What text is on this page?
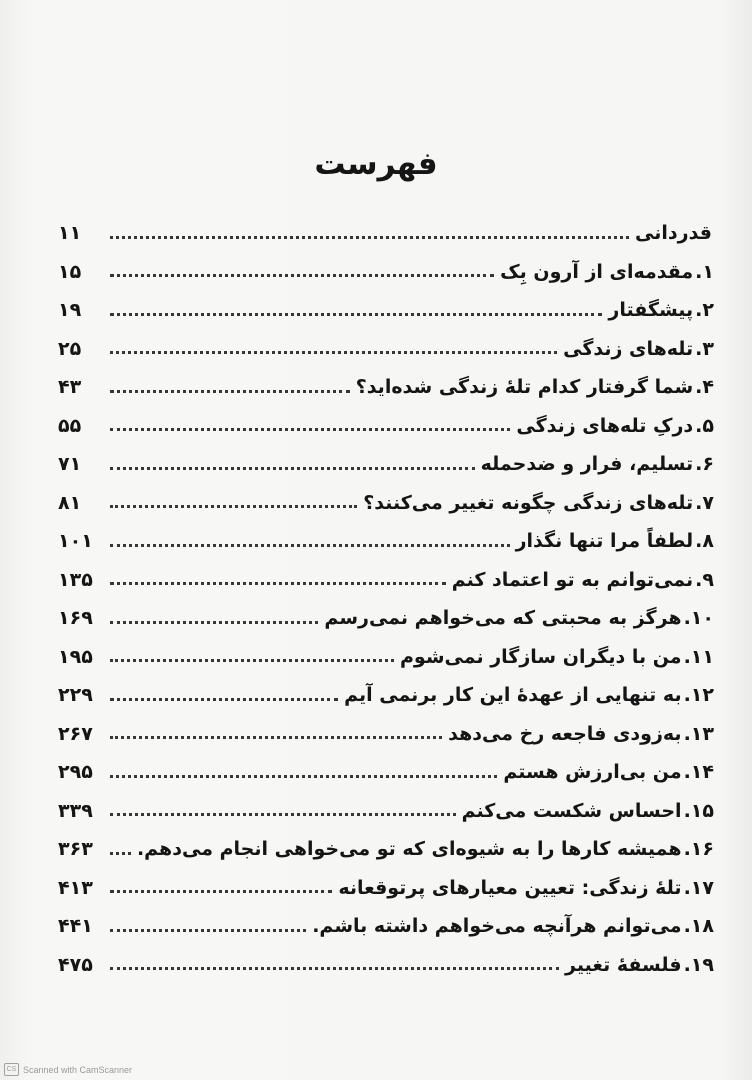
فهرست
قدردانی
۱۱
۱.
مقدمه‌ای از آرون بِک
۱۵
۲.
پیشگفتار
۱۹
۳.
تله‌های زندگی
۲۵
۴.
شما گرفتار کدام تلهٔ زندگی شده‌اید؟
۴۳
۵.
درکِ تله‌های زندگی
۵۵
۶.
تسلیم، فرار و ضدحمله
۷۱
۷.
تله‌های زندگی چگونه تغییر می‌کنند؟
۸۱
۸.
لطفاً مرا تنها نگذار
۱۰۱
۹.
نمی‌توانم به تو اعتماد کنم
۱۳۵
۱۰.
هرگز به محبتی که می‌خواهم نمی‌رسم
۱۶۹
۱۱.
من با دیگران سازگار نمی‌شوم
۱۹۵
۱۲.
به تنهایی از عهدهٔ این کار برنمی آیم
۲۲۹
۱۳.
به‌زودی فاجعه رخ می‌دهد
۲۶۷
۱۴.
من بی‌ارزش هستم
۲۹۵
۱۵.
احساس شکست می‌کنم
۳۳۹
۱۶.
همیشه کارها را به شیوه‌ای که تو می‌خواهی انجام می‌دهم.
۳۶۳
۱۷.
تلهٔ زندگی: تعیین معیارهای پرتوقعانه
۴۱۳
۱۸.
می‌توانم هرآنچه می‌خواهم داشته باشم.
۴۴۱
۱۹.
فلسفهٔ تغییر
۴۷۵
CS Scanned with CamScanner
